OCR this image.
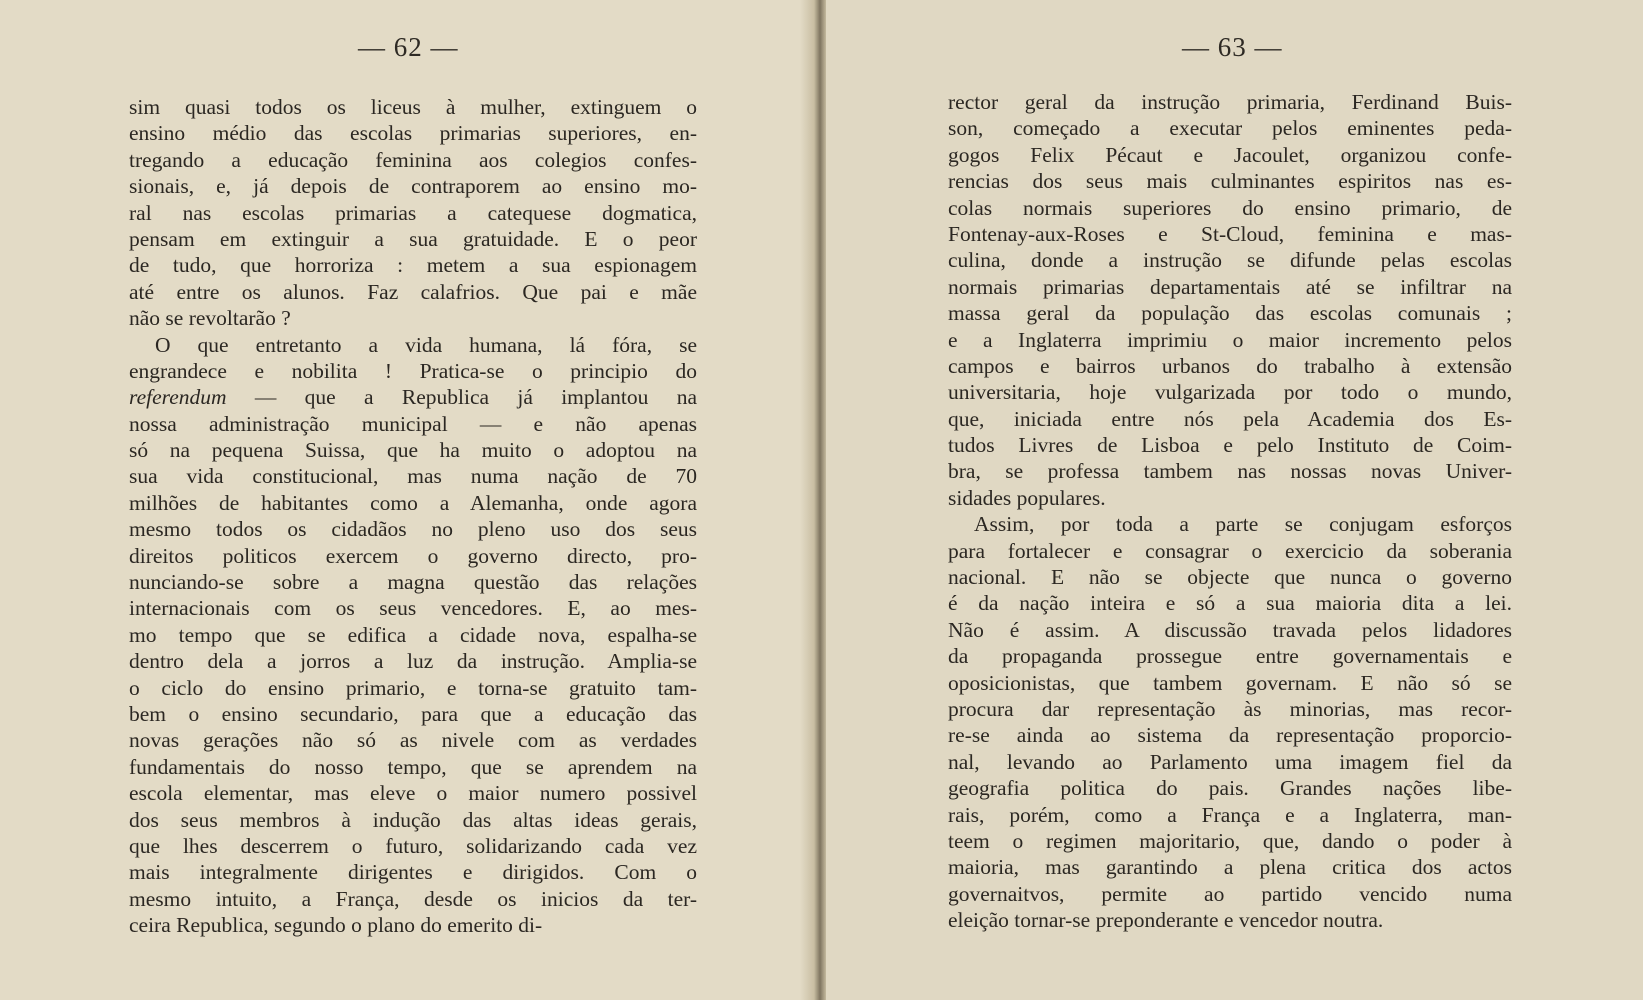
— 62 —
sim quasi todos os liceus à mulher, extinguem o
ensino médio das escolas primarias superiores, en-
tregando a educação feminina aos colegios confes-
sionais, e, já depois de contraporem ao ensino mo-
ral nas escolas primarias a catequese dogmatica,
pensam em extinguir a sua gratuidade. E o peor
de tudo, que horroriza : metem a sua espionagem
até entre os alunos. Faz calafrios. Que pai e mãe
não se revoltarão ?
O que entretanto a vida humana, lá fóra, se
engrandece e nobilita ! Pratica-se o principio do
referendum — que a Republica já implantou na
nossa administração municipal — e não apenas
só na pequena Suissa, que ha muito o adoptou na
sua vida constitucional, mas numa nação de 70
milhões de habitantes como a Alemanha, onde agora
mesmo todos os cidadãos no pleno uso dos seus
direitos politicos exercem o governo directo, pro-
nunciando-se sobre a magna questão das relações
internacionais com os seus vencedores. E, ao mes-
mo tempo que se edifica a cidade nova, espalha-se
dentro dela a jorros a luz da instrução. Amplia-se
o ciclo do ensino primario, e torna-se gratuito tam-
bem o ensino secundario, para que a educação das
novas gerações não só as nivele com as verdades
fundamentais do nosso tempo, que se aprendem na
escola elementar, mas eleve o maior numero possivel
dos seus membros à indução das altas ideas gerais,
que lhes descerrem o futuro, solidarizando cada vez
mais integralmente dirigentes e dirigidos. Com o
mesmo intuito, a França, desde os inicios da ter-
ceira Republica, segundo o plano do emerito di-
— 63 —
rector geral da instrução primaria, Ferdinand Buis-
son, começado a executar pelos eminentes peda-
gogos Felix Pécaut e Jacoulet, organizou confe-
rencias dos seus mais culminantes espiritos nas es-
colas normais superiores do ensino primario, de
Fontenay-aux-Roses e St-Cloud, feminina e mas-
culina, donde a instrução se difunde pelas escolas
normais primarias departamentais até se infiltrar na
massa geral da população das escolas comunais ;
e a Inglaterra imprimiu o maior incremento pelos
campos e bairros urbanos do trabalho à extensão
universitaria, hoje vulgarizada por todo o mundo,
que, iniciada entre nós pela Academia dos Es-
tudos Livres de Lisboa e pelo Instituto de Coim-
bra, se professa tambem nas nossas novas Univer-
sidades populares.
Assim, por toda a parte se conjugam esforços
para fortalecer e consagrar o exercicio da soberania
nacional. E não se objecte que nunca o governo
é da nação inteira e só a sua maioria dita a lei.
Não é assim. A discussão travada pelos lidadores
da propaganda prossegue entre governamentais e
oposicionistas, que tambem governam. E não só se
procura dar representação às minorias, mas recor-
re-se ainda ao sistema da representação proporcio-
nal, levando ao Parlamento uma imagem fiel da
geografia politica do pais. Grandes nações libe-
rais, porém, como a França e a Inglaterra, man-
teem o regimen majoritario, que, dando o poder à
maioria, mas garantindo a plena critica dos actos
governaitvos, permite ao partido vencido numa
eleição tornar-se preponderante e vencedor noutra.
